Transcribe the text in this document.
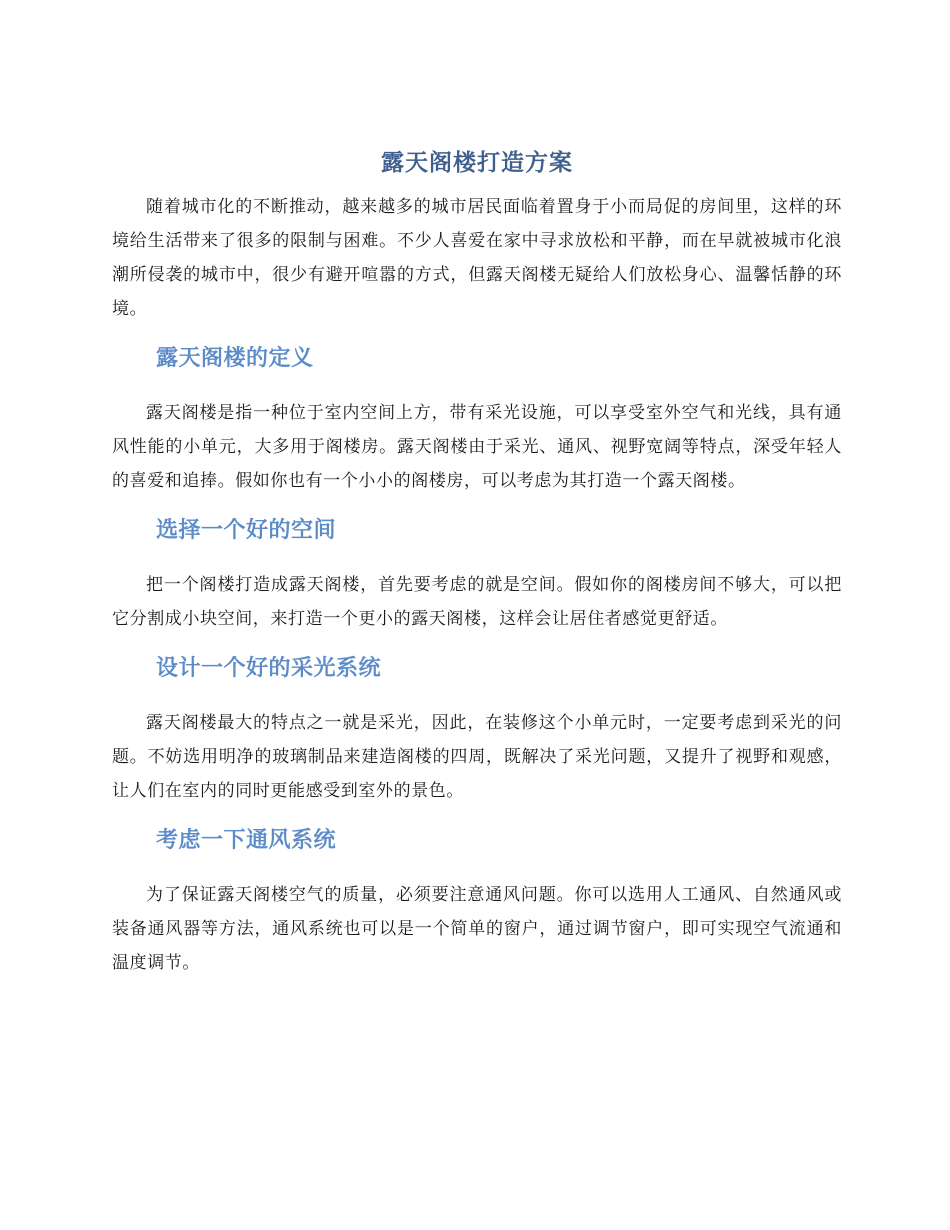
露天阁楼打造方案

随着城市化的不断推动，越来越多的城市居民面临着置身于小而局促的房间里，这样的环境给生活带来了很多的限制与困难。不少人喜爱在家中寻求放松和平静，而在早就被城市化浪潮所侵袭的城市中，很少有避开喧嚣的方式，但露天阁楼无疑给人们放松身心、温馨恬静的环境。

露天阁楼的定义

露天阁楼是指一种位于室内空间上方，带有采光设施，可以享受室外空气和光线，具有通风性能的小单元，大多用于阁楼房。露天阁楼由于采光、通风、视野宽阔等特点，深受年轻人的喜爱和追捧。假如你也有一个小小的阁楼房，可以考虑为其打造一个露天阁楼。

选择一个好的空间

把一个阁楼打造成露天阁楼，首先要考虑的就是空间。假如你的阁楼房间不够大，可以把它分割成小块空间，来打造一个更小的露天阁楼，这样会让居住者感觉更舒适。

设计一个好的采光系统

露天阁楼最大的特点之一就是采光，因此，在装修这个小单元时，一定要考虑到采光的问题。不妨选用明净的玻璃制品来建造阁楼的四周，既解决了采光问题，又提升了视野和观感，让人们在室内的同时更能感受到室外的景色。

考虑一下通风系统

为了保证露天阁楼空气的质量，必须要注意通风问题。你可以选用人工通风、自然通风或装备通风器等方法，通风系统也可以是一个简单的窗户，通过调节窗户，即可实现空气流通和温度调节。
